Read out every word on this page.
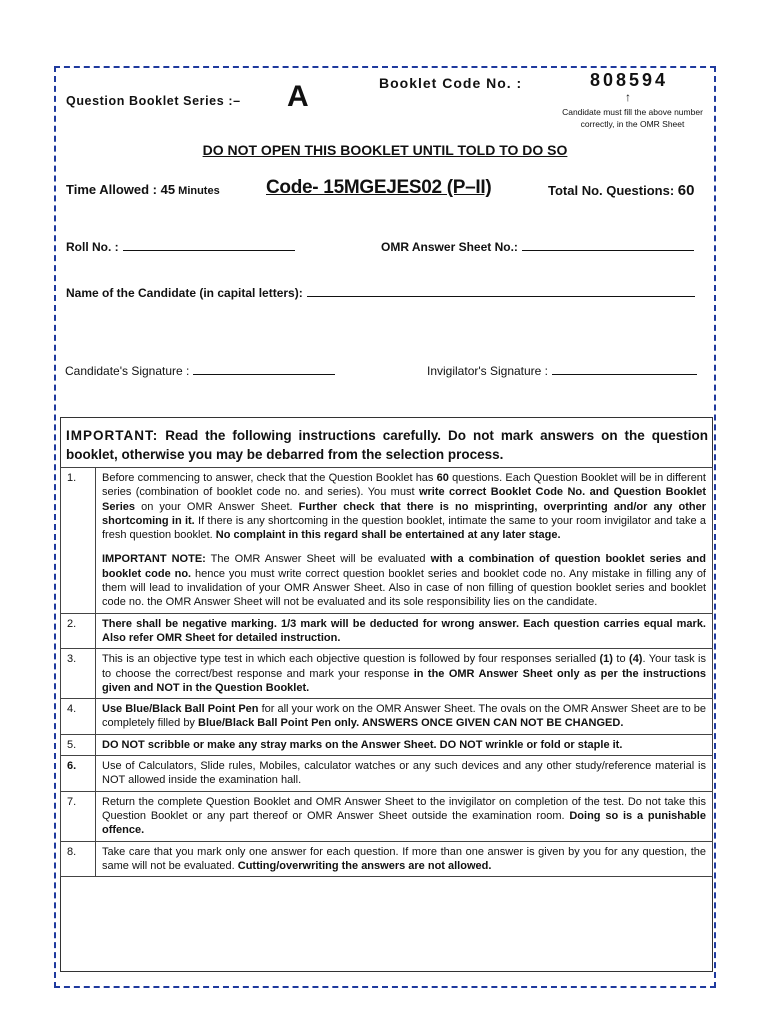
Question Booklet Series :– A	Booklet Code No. :	808594
↑
Candidate must fill the above number correctly, in the OMR Sheet
DO NOT OPEN THIS BOOKLET UNTIL TOLD TO DO SO
Time Allowed : 45 Minutes Code- 15MGEJES02 (P–II)	Total No. Questions: 60
Roll No. :	OMR Answer Sheet No.:
Name of the Candidate (in capital letters):
Candidate's Signature :	Invigilator's Signature :
IMPORTANT: Read the following instructions carefully. Do not mark answers on the question booklet, otherwise you may be debarred from the selection process.
1.	Before commencing to answer, check that the Question Booklet has 60 questions. Each Question Booklet will be in different series (combination of booklet code no. and series). You must write correct Booklet Code No. and Question Booklet Series on your OMR Answer Sheet. Further check that there is no misprinting, overprinting and/or any other shortcoming in it. If there is any shortcoming in the question booklet, intimate the same to your room invigilator and take a fresh question booklet. No complaint in this regard shall be entertained at any later stage.
IMPORTANT NOTE: The OMR Answer Sheet will be evaluated with a combination of question booklet series and booklet code no. hence you must write correct question booklet series and booklet code no. Any mistake in filling any of them will lead to invalidation of your OMR Answer Sheet. Also in case of non filling of question booklet series and booklet code no. the OMR Answer Sheet will not be evaluated and its sole responsibility lies on the candidate.

2.	There shall be negative marking. 1/3 mark will be deducted for wrong answer. Each question carries equal mark. Also refer OMR Sheet for detailed instruction.
3.	This is an objective type test in which each objective question is followed by four responses serialled (1) to (4). Your task is to choose the correct/best response and mark your response in the OMR Answer Sheet only as per the instructions given and NOT in the Question Booklet.
4.	Use Blue/Black Ball Point Pen for all your work on the OMR Answer Sheet. The ovals on the OMR Answer Sheet are to be completely filled by Blue/Black Ball Point Pen only. ANSWERS ONCE GIVEN CAN NOT BE CHANGED.
5.	DO NOT scribble or make any stray marks on the Answer Sheet. DO NOT wrinkle or fold or staple it.
6.	Use of Calculators, Slide rules, Mobiles, calculator watches or any such devices and any other study/reference material is NOT allowed inside the examination hall.
7.	Return the complete Question Booklet and OMR Answer Sheet to the invigilator on completion of the test. Do not take this Question Booklet or any part thereof or OMR Answer Sheet outside the examination room. Doing so is a punishable offence.
8.	Take care that you mark only one answer for each question. If more than one answer is given by you for any question, the same will not be evaluated. Cutting/overwriting the answers are not allowed.
